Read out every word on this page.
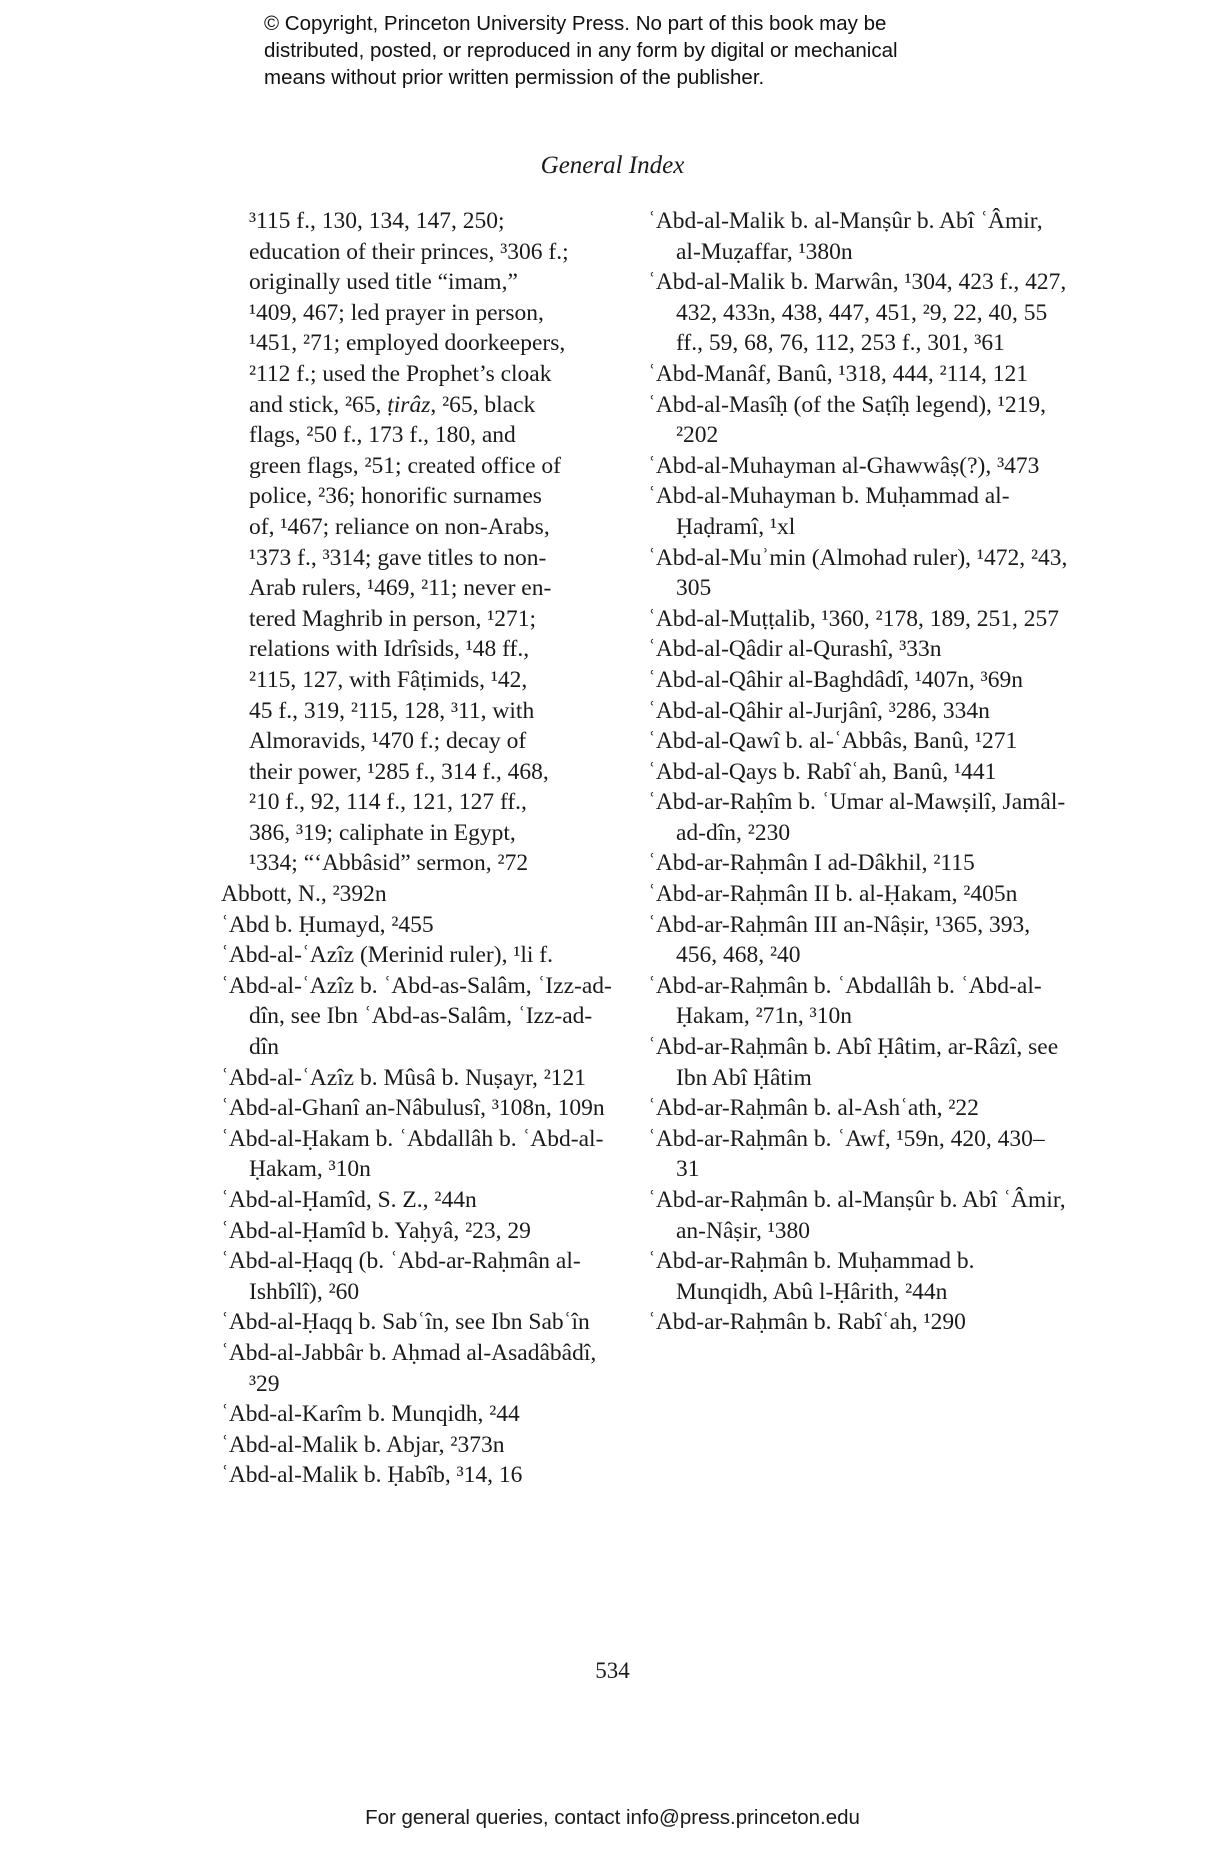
© Copyright, Princeton University Press. No part of this book may be
distributed, posted, or reproduced in any form by digital or mechanical
means without prior written permission of the publisher.
General Index
³115 f., 130, 134, 147, 250;
education of their princes, ³306 f.;
originally used title “imam,”
¹409, 467; led prayer in person,
¹451, ²71; employed doorkeepers,
²112 f.; used the Prophet’s cloak
and stick, ²65, ṭirâz, ²65, black
flags, ²50 f., 173 f., 180, and
green flags, ²51; created office of
police, ²36; honorific surnames
of, ¹467; reliance on non-Arabs,
¹373 f., ³314; gave titles to non-
Arab rulers, ¹469, ²11; never en-
tered Maghrib in person, ¹271;
relations with Idrîsids, ¹48 ff.,
²115, 127, with Fâṭimids, ¹42,
45 f., 319, ²115, 128, ³11, with
Almoravids, ¹470 f.; decay of
their power, ¹285 f., 314 f., 468,
²10 f., 92, 114 f., 121, 127 ff.,
386, ³19; caliphate in Egypt,
¹334; “‘Abbâsid” sermon, ²72
Abbott, N., ²392n
ʿAbd b. Ḥumayd, ²455
ʿAbd-al-ʿAzîz (Merinid ruler), ¹li f.
ʿAbd-al-ʿAzîz b. ʿAbd-as-Salâm, ʿIzz-ad-dîn, see Ibn ʿAbd-as-Salâm, ʿIzz-ad-dîn
ʿAbd-al-ʿAzîz b. Mûsâ b. Nuṣayr, ²121
ʿAbd-al-Ghanî an-Nâbulusî, ³108n, 109n
ʿAbd-al-Ḥakam b. ʿAbdallâh b. ʿAbd-al-Ḥakam, ³10n
ʿAbd-al-Ḥamîd, S. Z., ²44n
ʿAbd-al-Ḥamîd b. Yaḥyâ, ²23, 29
ʿAbd-al-Ḥaqq (b. ʿAbd-ar-Raḥmân al-Ishbîlî), ²60
ʿAbd-al-Ḥaqq b. Sabʿîn, see Ibn Sabʿîn
ʿAbd-al-Jabbâr b. Aḥmad al-Asadâbâdî, ³29
ʿAbd-al-Karîm b. Munqidh, ²44
ʿAbd-al-Malik b. Abjar, ²373n
ʿAbd-al-Malik b. Ḥabîb, ³14, 16
ʿAbd-al-Malik b. al-Manṣûr b. Abî ʿÂmir, al-Muẓaffar, ¹380n
ʿAbd-al-Malik b. Marwân, ¹304, 423 f., 427, 432, 433n, 438, 447, 451, ²9, 22, 40, 55 ff., 59, 68, 76, 112, 253 f., 301, ³61
ʿAbd-Manâf, Banû, ¹318, 444, ²114, 121
ʿAbd-al-Masîḥ (of the Saṭîḥ legend), ¹219, ²202
ʿAbd-al-Muhayman al-Ghawwâṣ(?), ³473
ʿAbd-al-Muhayman b. Muḥammad al-Ḥaḍramî, ¹xl
ʿAbd-al-Muʾmin (Almohad ruler), ¹472, ²43, 305
ʿAbd-al-Muṭṭalib, ¹360, ²178, 189, 251, 257
ʿAbd-al-Qâdir al-Qurashî, ³33n
ʿAbd-al-Qâhir al-Baghdâdî, ¹407n, ³69n
ʿAbd-al-Qâhir al-Jurjânî, ³286, 334n
ʿAbd-al-Qawî b. al-ʿAbbâs, Banû, ¹271
ʿAbd-al-Qays b. Rabîʿah, Banû, ¹441
ʿAbd-ar-Raḥîm b. ʿUmar al-Mawṣilî, Jamâl-ad-dîn, ²230
ʿAbd-ar-Raḥmân I ad-Dâkhil, ²115
ʿAbd-ar-Raḥmân II b. al-Ḥakam, ²405n
ʿAbd-ar-Raḥmân III an-Nâṣir, ¹365, 393, 456, 468, ²40
ʿAbd-ar-Raḥmân b. ʿAbdallâh b. ʿAbd-al-Ḥakam, ²71n, ³10n
ʿAbd-ar-Raḥmân b. Abî Ḥâtim, ar-Râzî, see Ibn Abî Ḥâtim
ʿAbd-ar-Raḥmân b. al-Ashʿath, ²22
ʿAbd-ar-Raḥmân b. ʿAwf, ¹59n, 420, 430–31
ʿAbd-ar-Raḥmân b. al-Manṣûr b. Abî ʿÂmir, an-Nâṣir, ¹380
ʿAbd-ar-Raḥmân b. Muḥammad b. Munqidh, Abû l-Ḥârith, ²44n
ʿAbd-ar-Raḥmân b. Rabîʿah, ¹290
534
For general queries, contact info@press.princeton.edu
